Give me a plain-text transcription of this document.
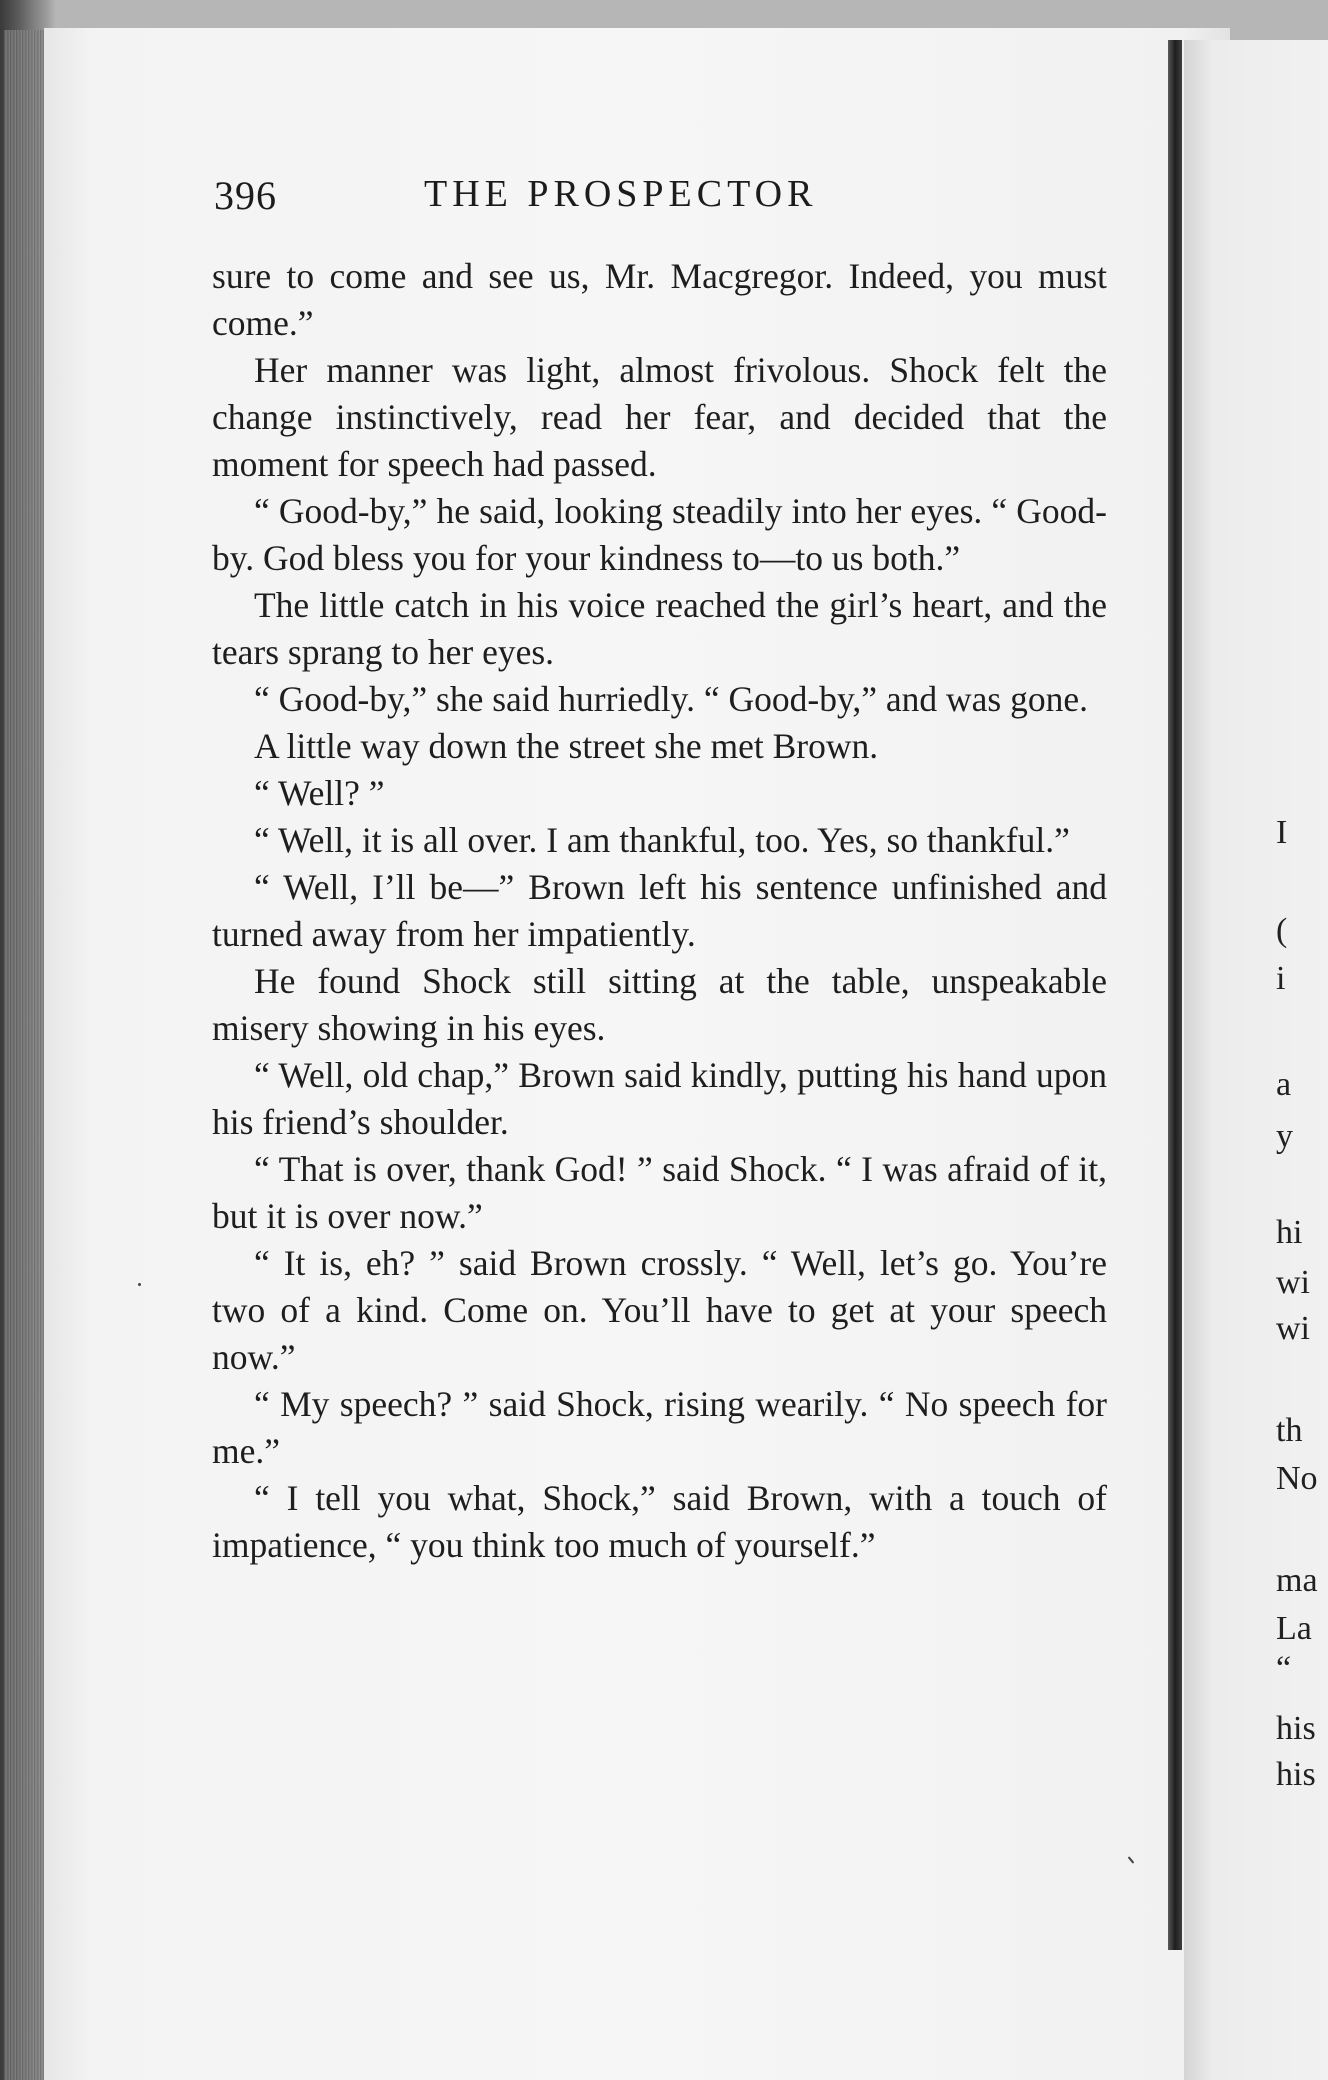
396	THE PROSPECTOR

sure to come and see us, Mr. Macgregor. Indeed, you must come.”

Her manner was light, almost frivolous. Shock felt the change instinctively, read her fear, and decided that the moment for speech had passed.

“ Good-by,” he said, looking steadily into her eyes. “ Good-by. God bless you for your kindness to—to us both.”

The little catch in his voice reached the girl’s heart, and the tears sprang to her eyes.

“ Good-by,” she said hurriedly. “ Good-by,” and was gone.

A little way down the street she met Brown.

“ Well? ”

“ Well, it is all over. I am thankful, too. Yes, so thankful.”

“ Well, I’ll be—” Brown left his sentence unfinished and turned away from her impatiently.

He found Shock still sitting at the table, unspeakable misery showing in his eyes.

“ Well, old chap,” Brown said kindly, putting his hand upon his friend’s shoulder.

“ That is over, thank God! ” said Shock. “ I was afraid of it, but it is over now.”

“ It is, eh? ” said Brown crossly. “ Well, let’s go. You’re two of a kind. Come on. You’ll have to get at your speech now.”

“ My speech? ” said Shock, rising wearily. “ No speech for me.”

“ I tell you what, Shock,” said Brown, with a touch of impatience, “ you think too much of yourself.”

I
(
i
a
y
hi
wi
wi
th
No
ma
La
“
his
his
